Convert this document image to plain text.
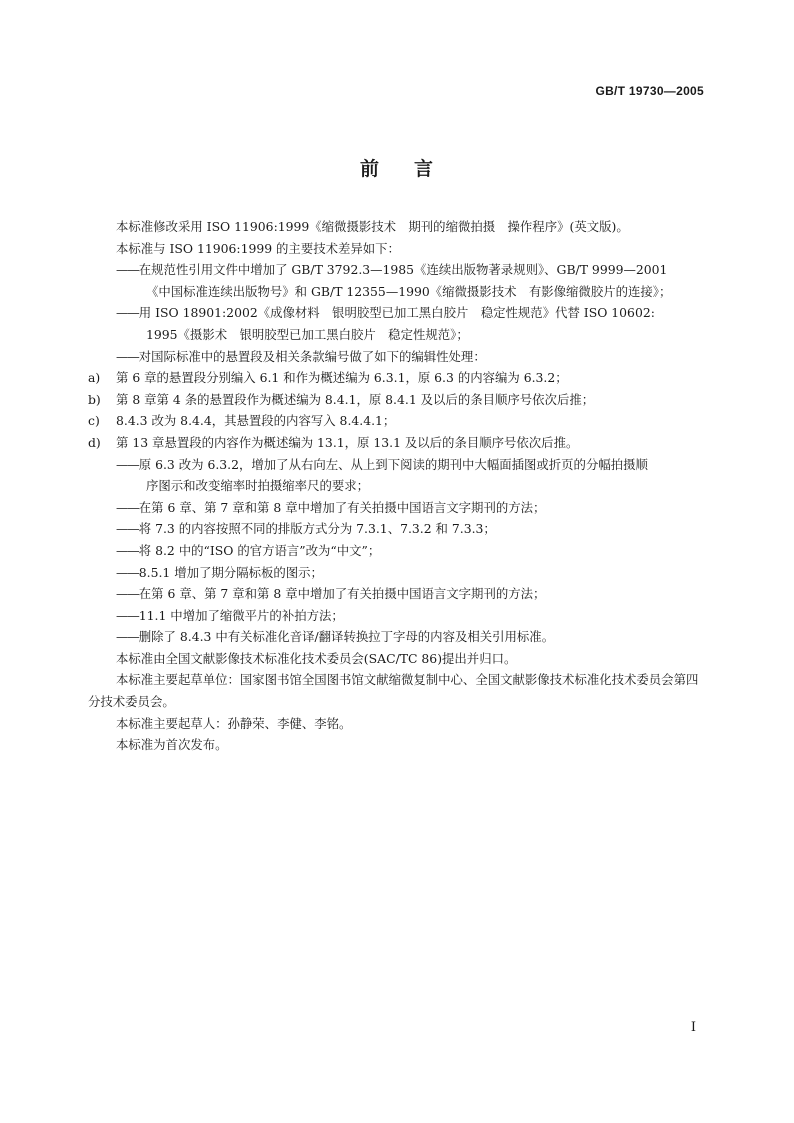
GB/T 19730—2005
前 言

本标准修改采用 ISO 11906:1999《缩微摄影技术　期刊的缩微拍摄　操作程序》(英文版)。

本标准与 ISO 11906:1999 的主要技术差异如下：

——在规范性引用文件中增加了 GB/T 3792.3—1985《连续出版物著录规则》、GB/T 9999—2001

《中国标准连续出版物号》和 GB/T 12355—1990《缩微摄影技术　有影像缩微胶片的连接》；

——用 ISO 18901:2002《成像材料　银明胶型已加工黑白胶片　稳定性规范》代替 ISO 10602:

1995《摄影术　银明胶型已加工黑白胶片　稳定性规范》；

——对国际标准中的悬置段及相关条款编号做了如下的编辑性处理：

a) 第 6 章的悬置段分别编入 6.1 和作为概述编为 6.3.1，原 6.3 的内容编为 6.3.2；

b) 第 8 章第 4 条的悬置段作为概述编为 8.4.1，原 8.4.1 及以后的条目顺序号依次后推；

c) 8.4.3 改为 8.4.4，其悬置段的内容写入 8.4.4.1；

d) 第 13 章悬置段的内容作为概述编为 13.1，原 13.1 及以后的条目顺序号依次后推。

——原 6.3 改为 6.3.2，增加了从右向左、从上到下阅读的期刊中大幅面插图或折页的分幅拍摄顺

序图示和改变缩率时拍摄缩率尺的要求；

——在第 6 章、第 7 章和第 8 章中增加了有关拍摄中国语言文字期刊的方法；

——将 7.3 的内容按照不同的排版方式分为 7.3.1、7.3.2 和 7.3.3；

——将 8.2 中的“ISO 的官方语言”改为“中文”；

——8.5.1 增加了期分隔标板的图示；

——在第 6 章、第 7 章和第 8 章中增加了有关拍摄中国语言文字期刊的方法；

——11.1 中增加了缩微平片的补拍方法；

——删除了 8.4.3 中有关标准化音译/翻译转换拉丁字母的内容及相关引用标准。

本标准由全国文献影像技术标准化技术委员会(SAC/TC 86)提出并归口。

本标准主要起草单位：国家图书馆全国图书馆文献缩微复制中心、全国文献影像技术标准化技术委员会第四分技术委员会。

本标准主要起草人：孙静荣、李健、李铭。

本标准为首次发布。

I
